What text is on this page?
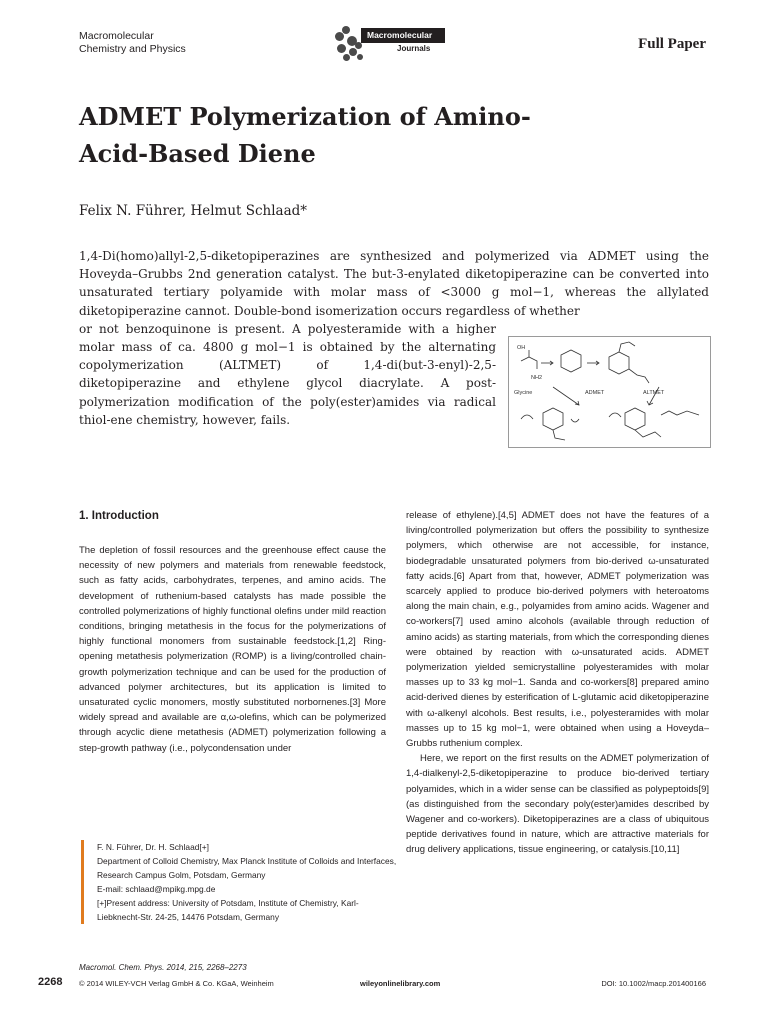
Macromolecular
Chemistry and Physics
Macromolecular
Journals	Full Paper
ADMET Polymerization of Amino-
Acid-Based Diene
Felix N. Führer, Helmut Schlaad*
1,4-Di(homo)allyl-2,5-diketopiperazines are synthesized and polymerized via ADMET using the Hoveyda–Grubbs 2nd generation catalyst. The but-3-enylated diketopiperazine can be converted into unsaturated tertiary polyamide with molar mass of <3000 g mol−1, whereas the allylated diketopiperazine cannot. Double-bond isomerization occurs regardless of whether
or not benzoquinone is present. A polyesteramide with a higher molar mass of ca. 4800 g mol−1 is obtained by the alternating copolymerization (ALTMET) of 1,4-di(but-3-enyl)-2,5-diketopiperazine and ethylene glycol diacrylate. A post-polymerization modification of the poly(ester)amides via radical thiol-ene chemistry, however, fails.
OH
NH2
Glycine	ADMET	ALTMET
1. Introduction
The depletion of fossil resources and the greenhouse effect cause the necessity of new polymers and materials from renewable feedstock, such as fatty acids, carbohydrates, terpenes, and amino acids. The development of ruthenium-based catalysts has made possible the controlled polymerizations of highly functional olefins under mild reaction conditions, bringing metathesis in the focus for the polymerizations of highly functional monomers from sustainable feedstock.[1,2] Ring-opening metathesis polymerization (ROMP) is a living/controlled chain-growth polymerization technique and can be used for the production of advanced polymer architectures, but its application is limited to unsaturated cyclic monomers, mostly substituted norbornenes.[3] More widely spread and available are α,ω-olefins, which can be polymerized through acyclic diene metathesis (ADMET) polymerization following a step-growth pathway (i.e., polycondensation under

release of ethylene).[4,5] ADMET does not have the features of a living/controlled polymerization but offers the possibility to synthesize polymers, which otherwise are not accessible, for instance, biodegradable unsaturated polymers from bio-derived ω-unsaturated fatty acids.[6] Apart from that, however, ADMET polymerization was scarcely applied to produce bio-derived polymers with heteroatoms along the main chain, e.g., polyamides from amino acids. Wagener and co-workers[7] used amino alcohols (available through reduction of amino acids) as starting materials, from which the corresponding dienes were obtained by reaction with ω-unsaturated acids. ADMET polymerization yielded semicrystalline polyesteramides with molar masses up to 33 kg mol−1. Sanda and co-workers[8] prepared amino acid-derived dienes by esterification of L-glutamic acid diketopiperazine with ω-alkenyl alcohols. Best results, i.e., polyesteramides with molar masses up to 15 kg mol−1, were obtained when using a Hoveyda–Grubbs ruthenium complex.

Here, we report on the first results on the ADMET polymerization of 1,4-dialkenyl-2,5-diketopiperazine to produce bio-derived tertiary polyamides, which in a wider sense can be classified as polypeptoids[9] (as distinguished from the secondary poly(ester)amides described by Wagener and co-workers). Diketopiperazines are a class of ubiquitous peptide derivatives found in nature, which are attractive materials for drug delivery applications, tissue engineering, or catalysis.[10,11]

F. N. Führer, Dr. H. Schlaad[+]
Department of Colloid Chemistry, Max Planck Institute of Colloids and Interfaces, Research Campus Golm, Potsdam, Germany
E-mail: schlaad@mpikg.mpg.de
[+]Present address: University of Potsdam, Institute of Chemistry, Karl-Liebknecht-Str. 24-25, 14476 Potsdam, Germany
Macromol. Chem. Phys. 2014, 215, 2268–2273
2268 © 2014 WILEY-VCH Verlag GmbH & Co. KGaA, Weinheim	wileyonlinelibrary.com	DOI: 10.1002/macp.201400166
